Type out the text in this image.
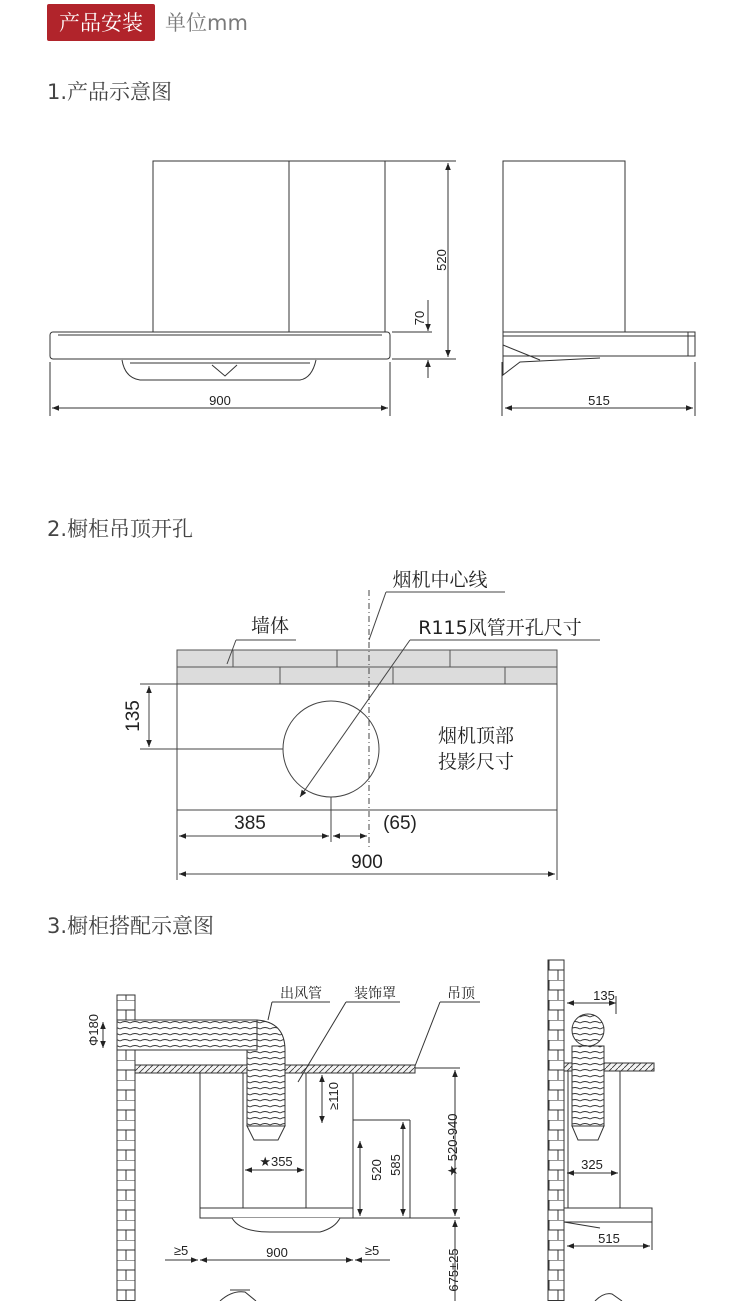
产品安装	单位mm
1.产品示意图
2.橱柜吊顶开孔
3.橱柜搭配示意图
520
70
900	515
烟机中心线
墙体	R115风管开孔尺寸
烟机顶部
投影尺寸
135
385	(65)
900
出风管 装饰罩	吊顶
Φ180
≥110
★355	520 585	★ 520-940
≥5	900	≥5	675±25
135
325
515
